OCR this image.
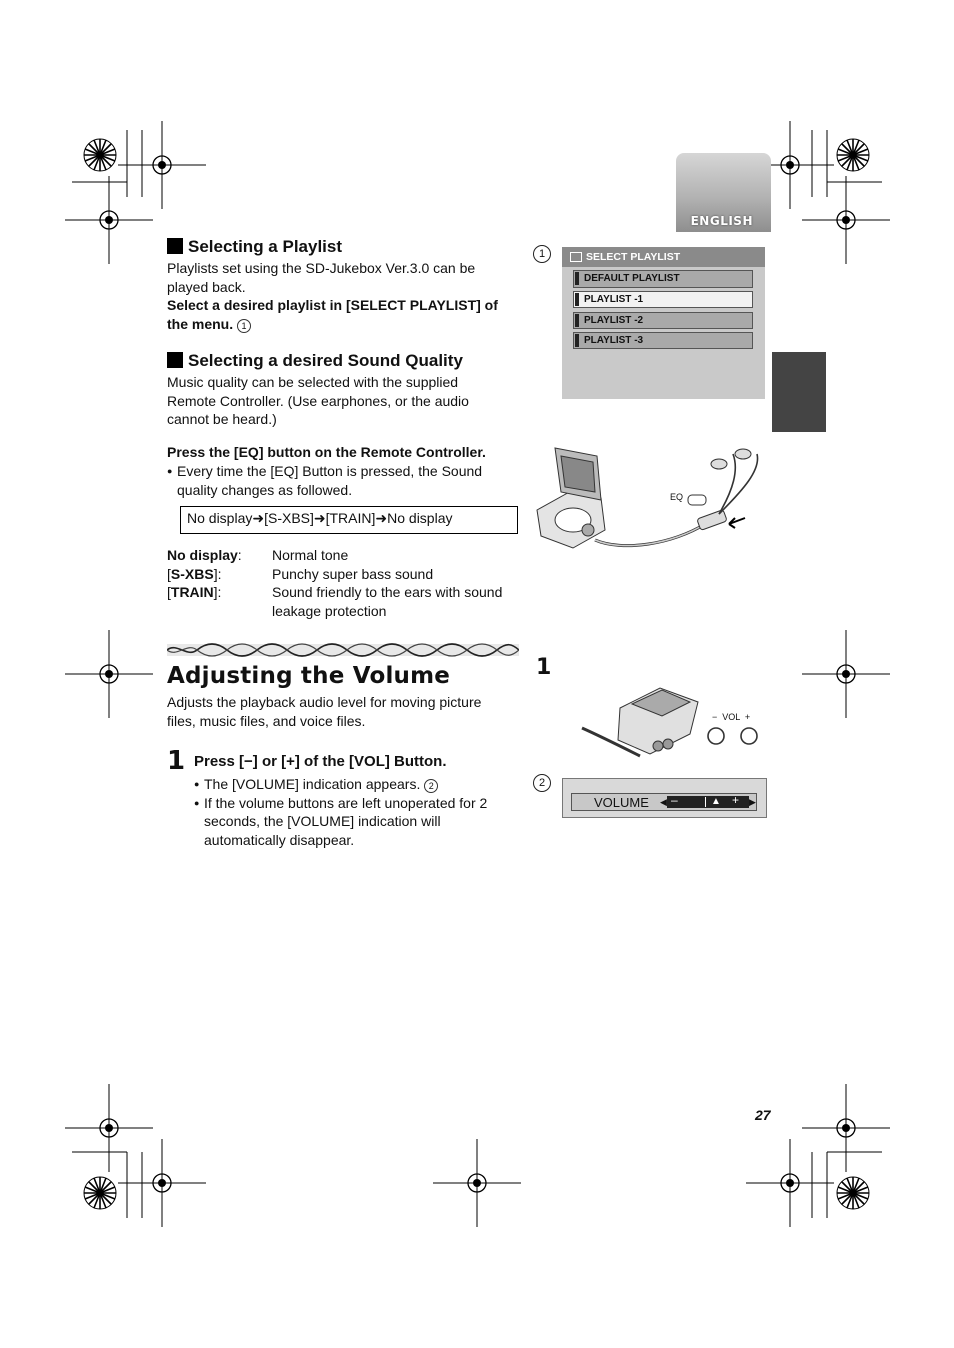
ENGLISH
Selecting a Playlist
Playlists set using the SD-Jukebox Ver.3.0 can be
played back.
Select a desired playlist in [SELECT PLAYLIST] of
the menu. 1
Selecting a desired Sound Quality
Music quality can be selected with the supplied
Remote Controller. (Use earphones, or the audio
cannot be heard.)
Press the [EQ] button on the Remote Controller.
● Every time the [EQ] Button is pressed, the Sound
quality changes as followed.
No display➜[S-XBS]➜[TRAIN]➜No display
No display:	Normal tone
[S-XBS]:	Punchy super bass sound
[TRAIN]:	Sound friendly to the ears with sound leakage protection
Adjusting the Volume
Adjusts the playback audio level for moving picture
files, music files, and voice files.
1 Press [−] or [+] of the [VOL] Button.
● The [VOLUME] indication appears. 2
● If the volume buttons are left unoperated for 2
seconds, the [VOLUME] indication will
automatically disappear.
1	SELECT PLAYLIST
DEFAULT PLAYLIST
PLAYLIST -1
PLAYLIST -2
PLAYLIST -3
EQ
1
−  VOL  +
2
VOLUME ◀ –	▲ + ▶
27
